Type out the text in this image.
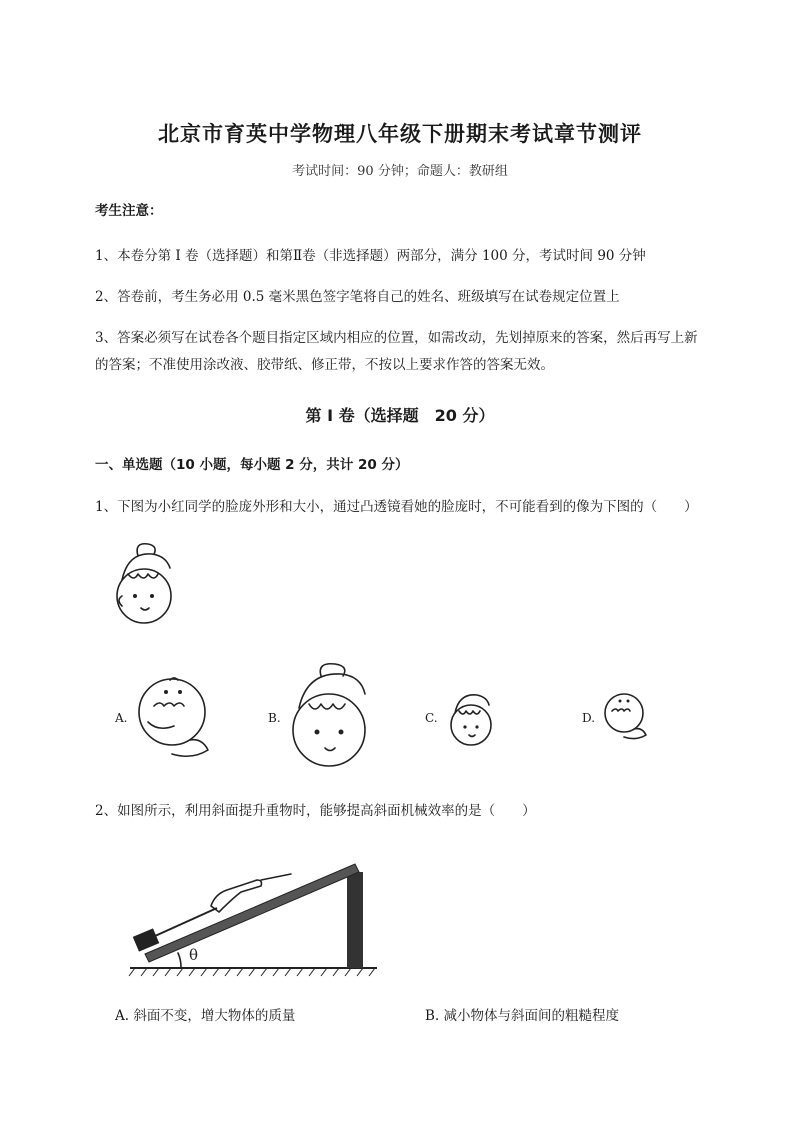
北京市育英中学物理八年级下册期末考试章节测评
考试时间：90 分钟；命题人：教研组
考生注意：
1、本卷分第 I 卷（选择题）和第Ⅱ卷（非选择题）两部分，满分 100 分，考试时间 90 分钟
2、答卷前，考生务必用 0.5 毫米黑色签字笔将自己的姓名、班级填写在试卷规定位置上
3、答案必须写在试卷各个题目指定区域内相应的位置，如需改动，先划掉原来的答案，然后再写上新
的答案；不准使用涂改液、胶带纸、修正带，不按以上要求作答的答案无效。
第 I 卷（选择题　20 分）
一、单选题（10 小题，每小题 2 分，共计 20 分）
1、下图为小红同学的脸庞外形和大小，通过凸透镜看她的脸庞时，不可能看到的像为下图的（　　）
A.	B.	C.	D.
2、如图所示，利用斜面提升重物时，能够提高斜面机械效率的是（　　）
θ
A. 斜面不变，增大物体的质量	B. 减小物体与斜面间的粗糙程度
